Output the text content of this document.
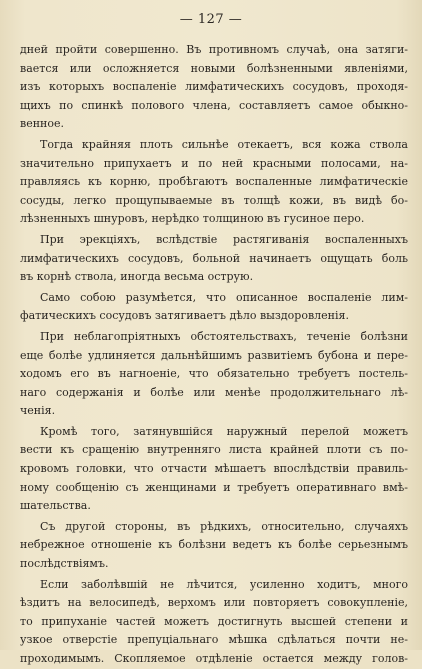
— 127 —
дней пройти совершенно. Въ противномъ случаѣ, она затяги-
вается или осложняется новыми болѣзненными явленiями,
изъ которыхъ воспаленiе лимфатическихъ сосудовъ, проходя-
щихъ по спинкѣ полового члена, составляетъ самое обыкно-
венное.
Тогда крайняя плоть сильнѣе отекаетъ, вся кожа ствола
значительно припухаетъ и по ней красными полосами, на-
правляясь къ корню, пробѣгаютъ воспаленные лимфатическiе
сосуды, легко прощупываемые въ толщѣ кожи, въ видѣ бо-
лѣзненныхъ шнуровъ, нерѣдко толщиною въ гусиное перо.
При эрекцiяхъ, вслѣдствiе растягиванiя воспаленныхъ
лимфатическихъ сосудовъ, больной начинаетъ ощущать боль
въ корнѣ ствола, иногда весьма острую.
Само собою разумѣется, что описанное воспаленiе лим-
фатическихъ сосудовъ затягиваетъ дѣло выздоровленiя.
При неблагопрiятныхъ обстоятельствахъ, теченiе болѣзни
еще болѣе удлиняется дальнѣйшимъ развитiемъ бубона и пере-
ходомъ его въ нагноенiе, что обязательно требуетъ постель-
наго содержанiя и болѣе или менѣе продолжительнаго лѣ-
ченiя.
Кромѣ того, затянувшiйся наружный перелой можетъ
вести къ сращенiю внутренняго листа крайней плоти съ по-
кровомъ головки, что отчасти мѣшаетъ впослѣдствiи правиль-
ному сообщенiю съ женщинами и требуетъ оперативнаго вмѣ-
шательства.
Съ другой стороны, въ рѣдкихъ, относительно, случаяхъ
небрежное отношенiе къ болѣзни ведетъ къ болѣе серьезнымъ
послѣдствiямъ.
Если заболѣвшiй не лѣчится, усиленно ходитъ, много
ѣздитъ на велосипедѣ, верхомъ или повторяетъ совокупленiе,
то припуханiе частей можетъ достигнуть высшей степени и
узкое отверстiе препуцiальнаго мѣшка сдѣлаться почти не-
проходимымъ. Скопляемое отдѣленiе остается между голов-
